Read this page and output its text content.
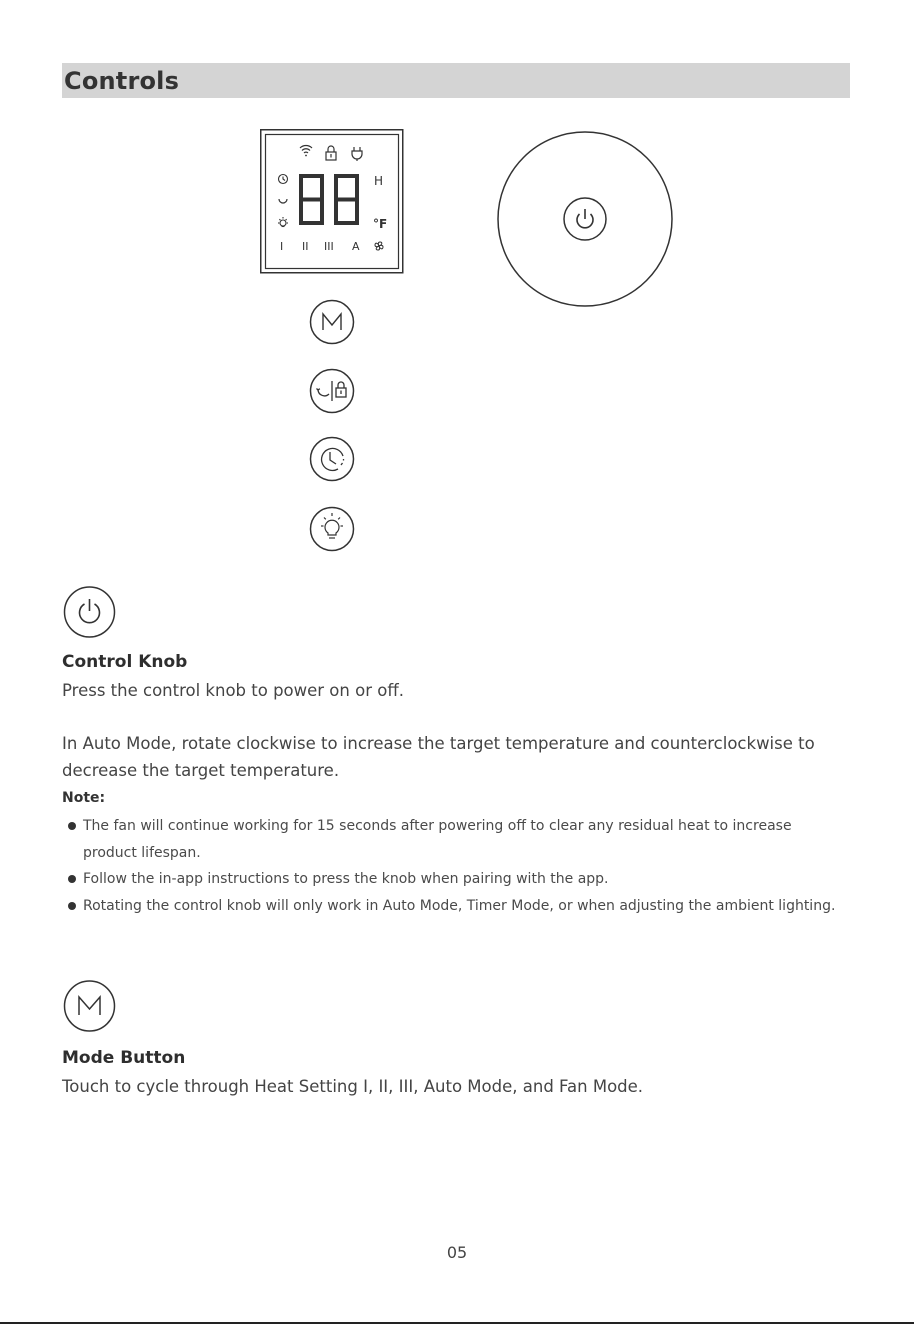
Controls
H
°F
I II III A
Control Knob
Press the control knob to power on or off.
In Auto Mode, rotate clockwise to increase the target temperature and counterclockwise to decrease the target temperature.
Note:
The fan will continue working for 15 seconds after powering off to clear any residual heat to increase product lifespan.
Follow the in-app instructions to press the knob when pairing with the app.
Rotating the control knob will only work in Auto Mode, Timer Mode, or when adjusting the ambient lighting.
Mode Button
Touch to cycle through Heat Setting I, II, III, Auto Mode, and Fan Mode.
05
